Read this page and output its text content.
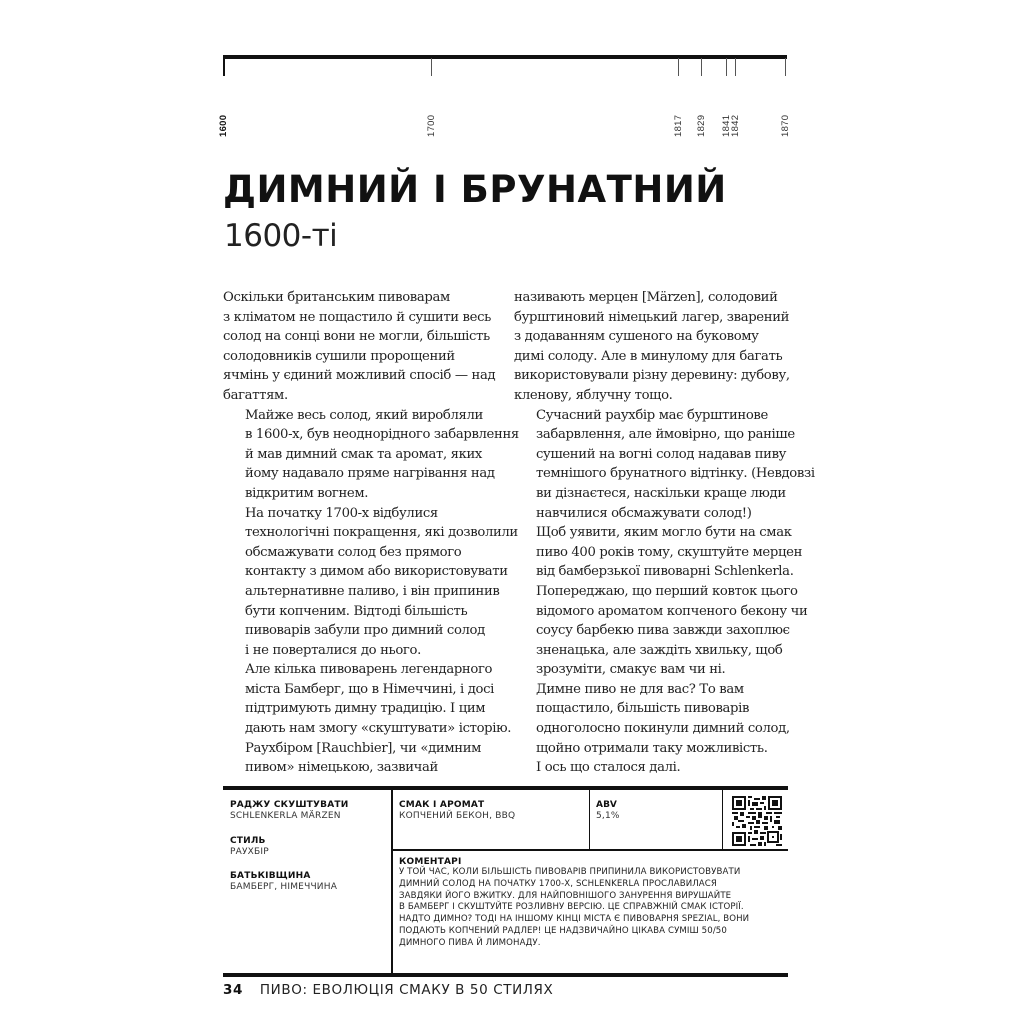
1600	1700	1817 1829 1841
1842	1870
ДИМНИЙ І БРУНАТНИЙ
1600-ті

Оскільки британським пивоварам
з кліматом не пощастило й сушити весь
солод на сонці вони не могли, більшість
солодовників сушили пророщений
ячмінь у єдиний можливий спосіб — над
багаттям.

Майже весь солод, який виробляли
в 1600-х, був неоднорідного забарвлення
й мав димний смак та аромат, яких
йому надавало пряме нагрівання над
відкритим вогнем.

На початку 1700-х відбулися
технологічні покращення, які дозволили
обсмажувати солод без прямого
контакту з димом або використовувати
альтернативне паливо, і він припинив
бути копченим. Відтоді більшість
пивоварів забули про димний солод
і не поверталися до нього.

Але кілька пивоварень легендарного
міста Бамберг, що в Німеччині, і досі
підтримують димну традицію. І цим
дають нам змогу «скуштувати» історію.

Раухбіром [Rauchbier], чи «димним
пивом» німецькою, зазвичай

називають мерцен [Märzen], солодовий
бурштиновий німецький лагер, зварений
з додаванням сушеного на буковому
димі солоду. Але в минулому для багать
використовували різну деревину: дубову,
кленову, яблучну тощо.

Сучасний раухбір має бурштинове
забарвлення, але ймовірно, що раніше
сушений на вогні солод надавав пиву
темнішого брунатного відтінку. (Невдовзі
ви дізнаєтеся, наскільки краще люди
навчилися обсмажувати солод!)

Щоб уявити, яким могло бути на смак
пиво 400 років тому, скуштуйте мерцен
від бамберзької пивоварні Schlenkerla.
Попереджаю, що перший ковток цього
відомого ароматом копченого бекону чи
соусу барбекю пива завжди захоплює
зненацька, але заждіть хвильку, щоб
зрозуміти, смакує вам чи ні.

Димне пиво не для вас? То вам
пощастило, більшість пивоварів
одноголосно покинули димний солод,
щойно отримали таку можливість.
І ось що сталося далі.

РАДЖУ СКУШТУВАТИ
SCHLENKERLA MÄRZEN
СТИЛЬ
РАУХБІР
БАТЬКІВЩИНА
БАМБЕРГ, НІМЕЧЧИНА
СМАК І АРОМАТ
КОПЧЕНИЙ БЕКОН, BBQ
ABV
5,1%
КОМЕНТАРІ
У ТОЙ ЧАС, КОЛИ БІЛЬШІСТЬ ПИВОВАРІВ ПРИПИНИЛА ВИКОРИСТОВУВАТИ
ДИМНИЙ СОЛОД НА ПОЧАТКУ 1700-Х, SCHLENKERLA ПРОСЛАВИЛАСЯ
ЗАВДЯКИ ЙОГО ВЖИТКУ. ДЛЯ НАЙПОВНІШОГО ЗАНУРЕННЯ ВИРУШАЙТЕ
В БАМБЕРГ І СКУШТУЙТЕ РОЗЛИВНУ ВЕРСІЮ. ЦЕ СПРАВЖНІЙ СМАК ІСТОРІЇ.
НАДТО ДИМНО? ТОДІ НА ІНШОМУ КІНЦІ МІСТА Є ПИВОВАРНЯ SPEZIAL, ВОНИ
ПОДАЮТЬ КОПЧЕНИЙ РАДЛЕР! ЦЕ НАДЗВИЧАЙНО ЦІКАВА СУМІШ 50/50
ДИМНОГО ПИВА Й ЛИМОНАДУ.
34 ПИВО: ЕВОЛЮЦІЯ СМАКУ В 50 СТИЛЯХ
